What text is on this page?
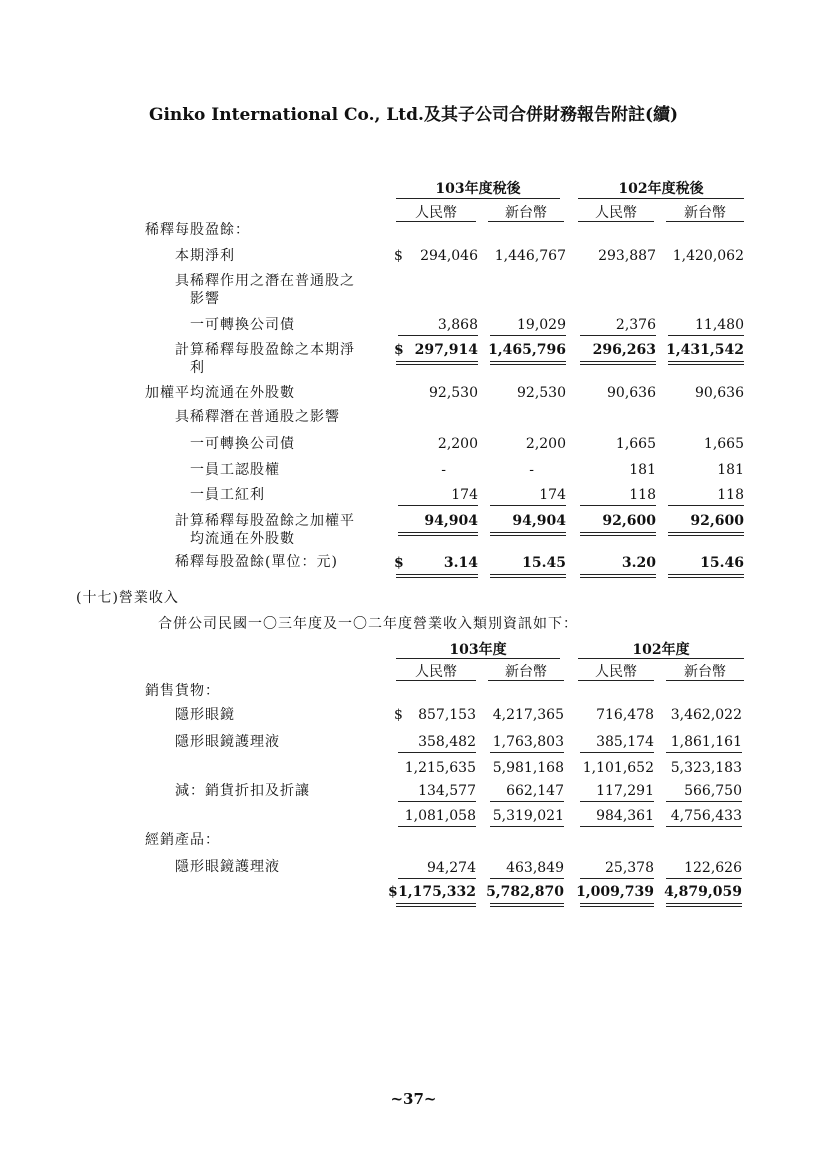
Ginko International Co., Ltd.及其子公司合併財務報告附註(續)
103年度稅後	102年度稅後
人民幣	新台幣	人民幣	新台幣
稀釋每股盈餘：
本期淨利	$	294,046	1,446,767	293,887	1,420,062
具稀釋作用之潛在普通股之
影響
一可轉換公司債	3,868	19,029	2,376	11,480
計算稀釋每股盈餘之本期淨
利
$ 297,914 1,465,796	296,263 1,431,542
加權平均流通在外股數	92,530	92,530	90,636	90,636
具稀釋潛在普通股之影響
一可轉換公司債	2,200	2,200	1,665	1,665
一員工認股權	-	-	181	181
一員工紅利	174	174	118	118
計算稀釋每股盈餘之加權平
均流通在外股數
94,904	94,904	92,600	92,600
稀釋每股盈餘(單位：元)	$	3.14	15.45	3.20	15.46
(十七)營業收入
合併公司民國一〇三年度及一〇二年度營業收入類別資訊如下：
103年度	102年度
人民幣	新台幣	人民幣	新台幣
銷售貨物：
隱形眼鏡	$	857,153	4,217,365	716,478	3,462,022
隱形眼鏡護理液	358,482	1,763,803	385,174	1,861,161
1,215,635	5,981,168	1,101,652	5,323,183
減：銷貨折扣及折讓	134,577	662,147	117,291	566,750
1,081,058	5,319,021	984,361	4,756,433
經銷產品：
隱形眼鏡護理液	94,274	463,849	25,378	122,626
$ 1,175,332 5,782,870 1,009,739 4,879,059
~37~
